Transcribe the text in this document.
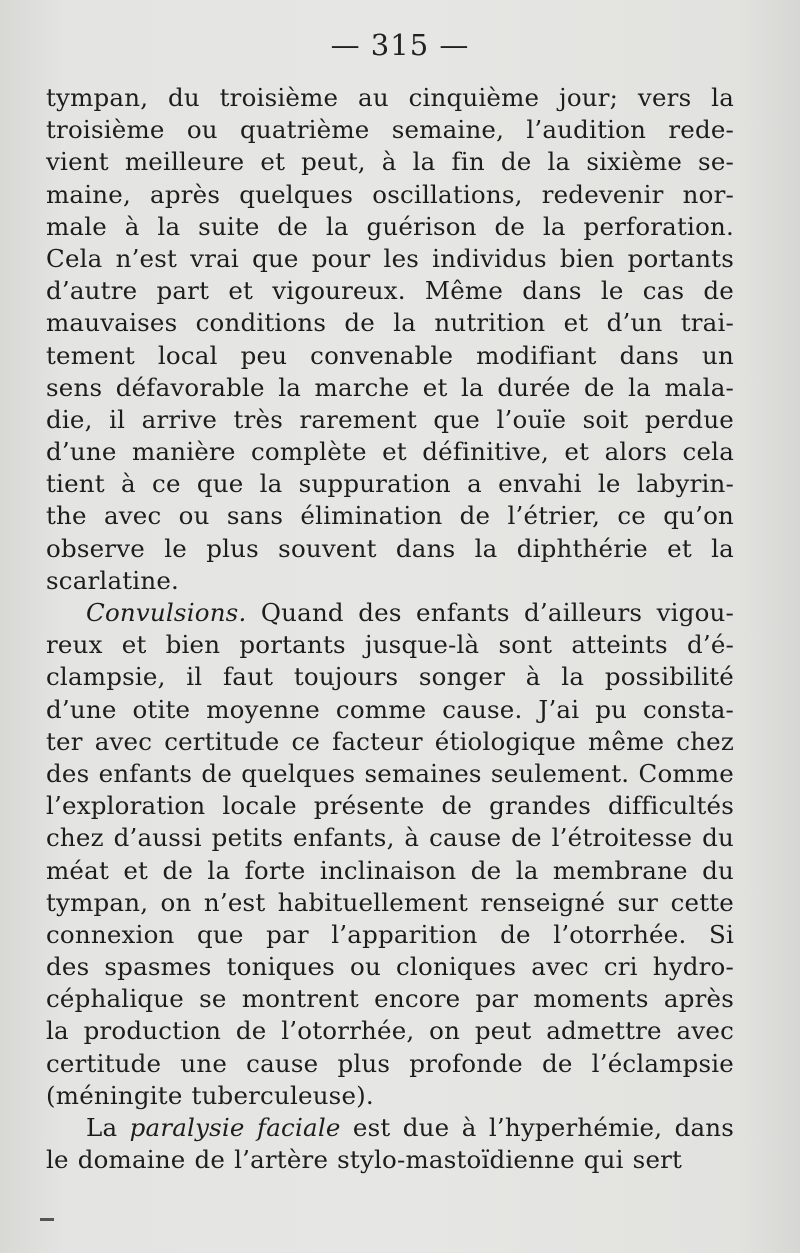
— 315 —
tympan, du troisième au cinquième jour; vers la
troisième ou quatrième semaine, l’audition rede-
vient meilleure et peut, à la fin de la sixième se-
maine, après quelques oscillations, redevenir nor-
male à la suite de la guérison de la perforation.
Cela n’est vrai que pour les individus bien portants
d’autre part et vigoureux. Même dans le cas de
mauvaises conditions de la nutrition et d’un trai-
tement local peu convenable modifiant dans un
sens défavorable la marche et la durée de la mala-
die, il arrive très rarement que l’ouïe soit perdue
d’une manière complète et définitive, et alors cela
tient à ce que la suppuration a envahi le labyrin-
the avec ou sans élimination de l’étrier, ce qu’on
observe le plus souvent dans la diphthérie et la
scarlatine.
Convulsions. Quand des enfants d’ailleurs vigou-
reux et bien portants jusque-là sont atteints d’é-
clampsie, il faut toujours songer à la possibilité
d’une otite moyenne comme cause. J’ai pu consta-
ter avec certitude ce facteur étiologique même chez
des enfants de quelques semaines seulement. Comme
l’exploration locale présente de grandes difficultés
chez d’aussi petits enfants, à cause de l’étroitesse du
méat et de la forte inclinaison de la membrane du
tympan, on n’est habituellement renseigné sur cette
connexion que par l’apparition de l’otorrhée. Si
des spasmes toniques ou cloniques avec cri hydro-
céphalique se montrent encore par moments après
la production de l’otorrhée, on peut admettre avec
certitude une cause plus profonde de l’éclampsie
(méningite tuberculeuse).
La paralysie faciale est due à l’hyperhémie, dans
le domaine de l’artère stylo-mastoïdienne qui sert
